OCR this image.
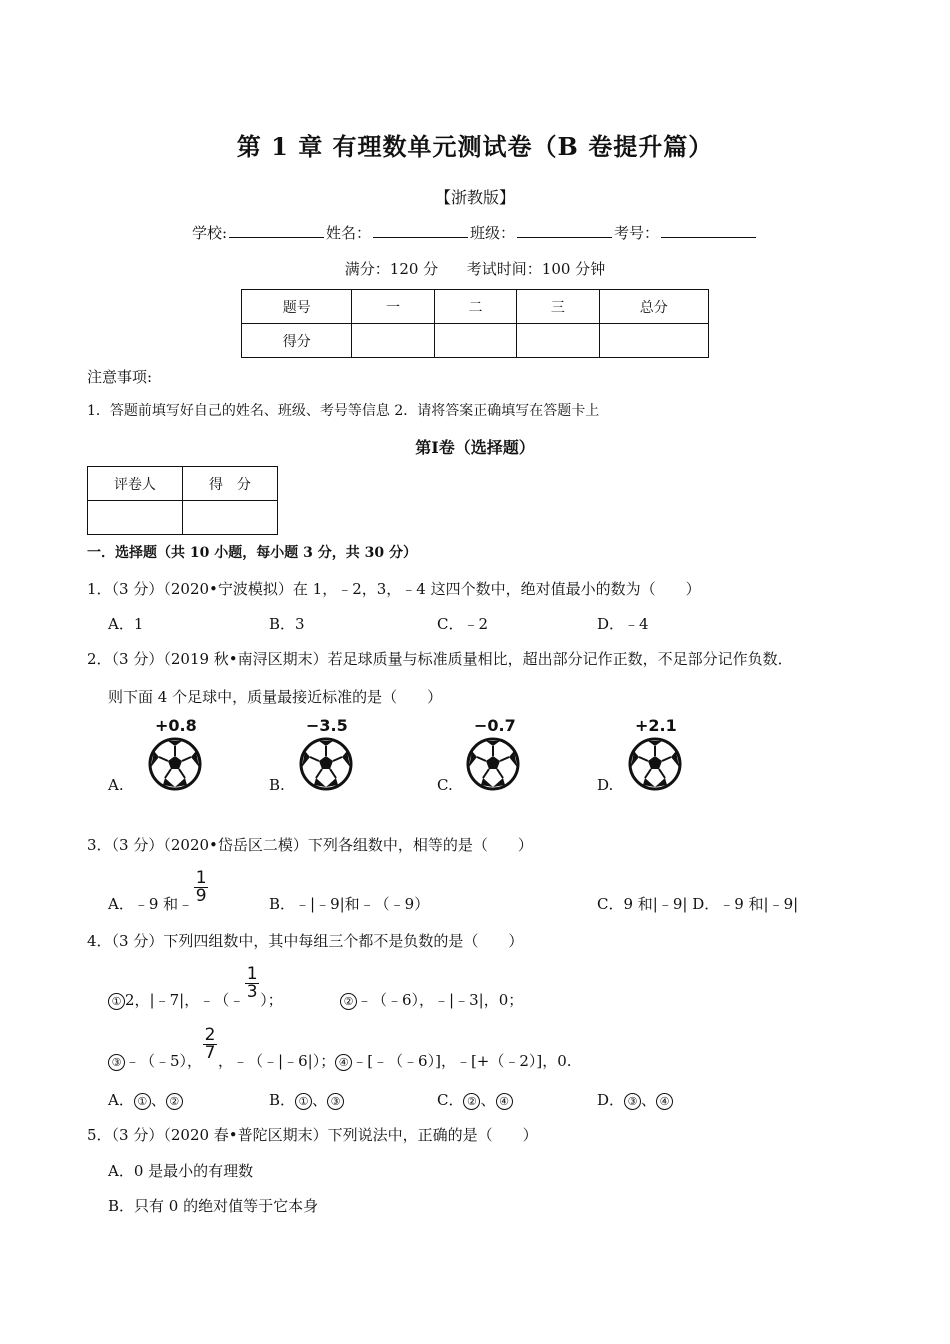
第 1 章 有理数单元测试卷（B 卷提升篇）
【浙教版】
学校:	姓名：	班级：	考号：
满分：120 分      考试时间：100 分钟
题号	一	二	三	总分
得分				
注意事项:
1．答题前填写好自己的姓名、班级、考号等信息 2．请将答案正确填写在答题卡上
第Ⅰ卷（选择题）
评卷人	得　分

一．选择题（共 10 小题，每小题 3 分，共 30 分）
1．（3 分）（2020•宁波模拟）在 1，﹣2，3，﹣4 这四个数中，绝对值最小的数为（　　）
A．1	B．3	C．﹣2	D．﹣4
2．（3 分）（2019 秋•南浔区期末）若足球质量与标准质量相比，超出部分记作正数，不足部分记作负数．
则下面 4 个足球中，质量最接近标准的是（　　）
A.	B.	C.	D.
+0.8	−3.5	−0.7	+2.1
3．（3 分）（2020•岱岳区二模）下列各组数中，相等的是（　　）
A．﹣9 和﹣ $\frac{1}{9}$	B．﹣|﹣9|和﹣（﹣9）	C．9 和|﹣9| D．﹣9 和|﹣9|
4．（3 分）下列四组数中，其中每组三个都不是负数的是（　　）
① 2，|﹣7|，﹣（﹣ $\frac{1}{3}$ ）；	② ﹣（﹣6），﹣|﹣3|，0；
③ ﹣（﹣5）， $\frac{2}{7}$ ，﹣（﹣|﹣6|）； ④ ﹣[﹣（﹣6）]，﹣[+（﹣2）]，0.
A． ① 、 ②	B． ① 、 ③	C． ② 、 ④	D． ③ 、 ④
5．（3 分）（2020 春•普陀区期末）下列说法中，正确的是（　　）
A．0 是最小的有理数
B．只有 0 的绝对值等于它本身
